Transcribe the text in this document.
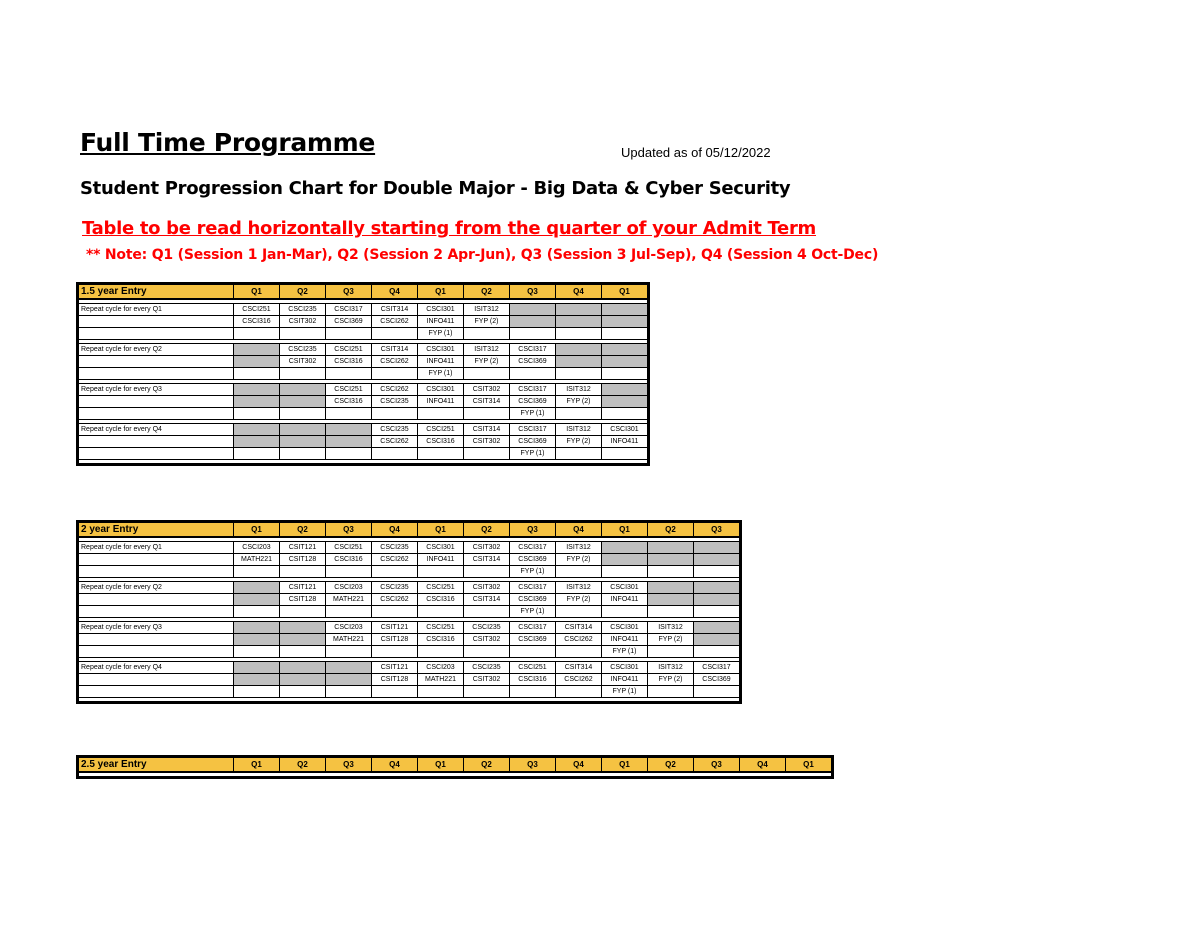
Full Time Programme	Updated as of 05/12/2022
Student Progression Chart for Double Major - Big Data & Cyber Security
Table to be read horizontally starting from the quarter of your Admit Term
** Note: Q1 (Session 1 Jan-Mar), Q2 (Session 2 Apr-Jun), Q3 (Session 3 Jul-Sep), Q4 (Session 4 Oct-Dec)
1.5 year Entry	Q1	Q2	Q3	Q4	Q1	Q2	Q3	Q4	Q1

Repeat cycle for every Q1	CSCI251	CSCI235	CSCI317	CSIT314	CSCI301	ISIT312			
	CSCI316	CSIT302	CSCI369	CSCI262	INFO411	FYP (2)			
					FYP (1)				

Repeat cycle for every Q2		CSCI235	CSCI251	CSIT314	CSCI301	ISIT312	CSCI317		
		CSIT302	CSCI316	CSCI262	INFO411	FYP (2)	CSCI369		
					FYP (1)				

Repeat cycle for every Q3			CSCI251	CSCI262	CSCI301	CSIT302	CSCI317	ISIT312	
			CSCI316	CSCI235	INFO411	CSIT314	CSCI369	FYP (2)	
							FYP (1)		

Repeat cycle for every Q4				CSCI235	CSCI251	CSIT314	CSCI317	ISIT312	CSCI301
				CSCI262	CSCI316	CSIT302	CSCI369	FYP (2)	INFO411
							FYP (1)		

2 year Entry	Q1	Q2	Q3	Q4	Q1	Q2	Q3	Q4	Q1	Q2	Q3

Repeat cycle for every Q1	CSCI203	CSIT121	CSCI251	CSCI235	CSCI301	CSIT302	CSCI317	ISIT312			
	MATH221	CSIT128	CSCI316	CSCI262	INFO411	CSIT314	CSCI369	FYP (2)			
							FYP (1)				

Repeat cycle for every Q2		CSIT121	CSCI203	CSCI235	CSCI251	CSIT302	CSCI317	ISIT312	CSCI301		
		CSIT128	MATH221	CSCI262	CSCI316	CSIT314	CSCI369	FYP (2)	INFO411		
							FYP (1)				

Repeat cycle for every Q3			CSCI203	CSIT121	CSCI251	CSCI235	CSCI317	CSIT314	CSCI301	ISIT312	
			MATH221	CSIT128	CSCI316	CSIT302	CSCI369	CSCI262	INFO411	FYP (2)	
									FYP (1)		

Repeat cycle for every Q4				CSIT121	CSCI203	CSCI235	CSCI251	CSIT314	CSCI301	ISIT312	CSCI317
				CSIT128	MATH221	CSIT302	CSCI316	CSCI262	INFO411	FYP (2)	CSCI369
									FYP (1)		

2.5 year Entry	Q1	Q2	Q3	Q4	Q1	Q2	Q3	Q4	Q1	Q2	Q3	Q4	Q1
